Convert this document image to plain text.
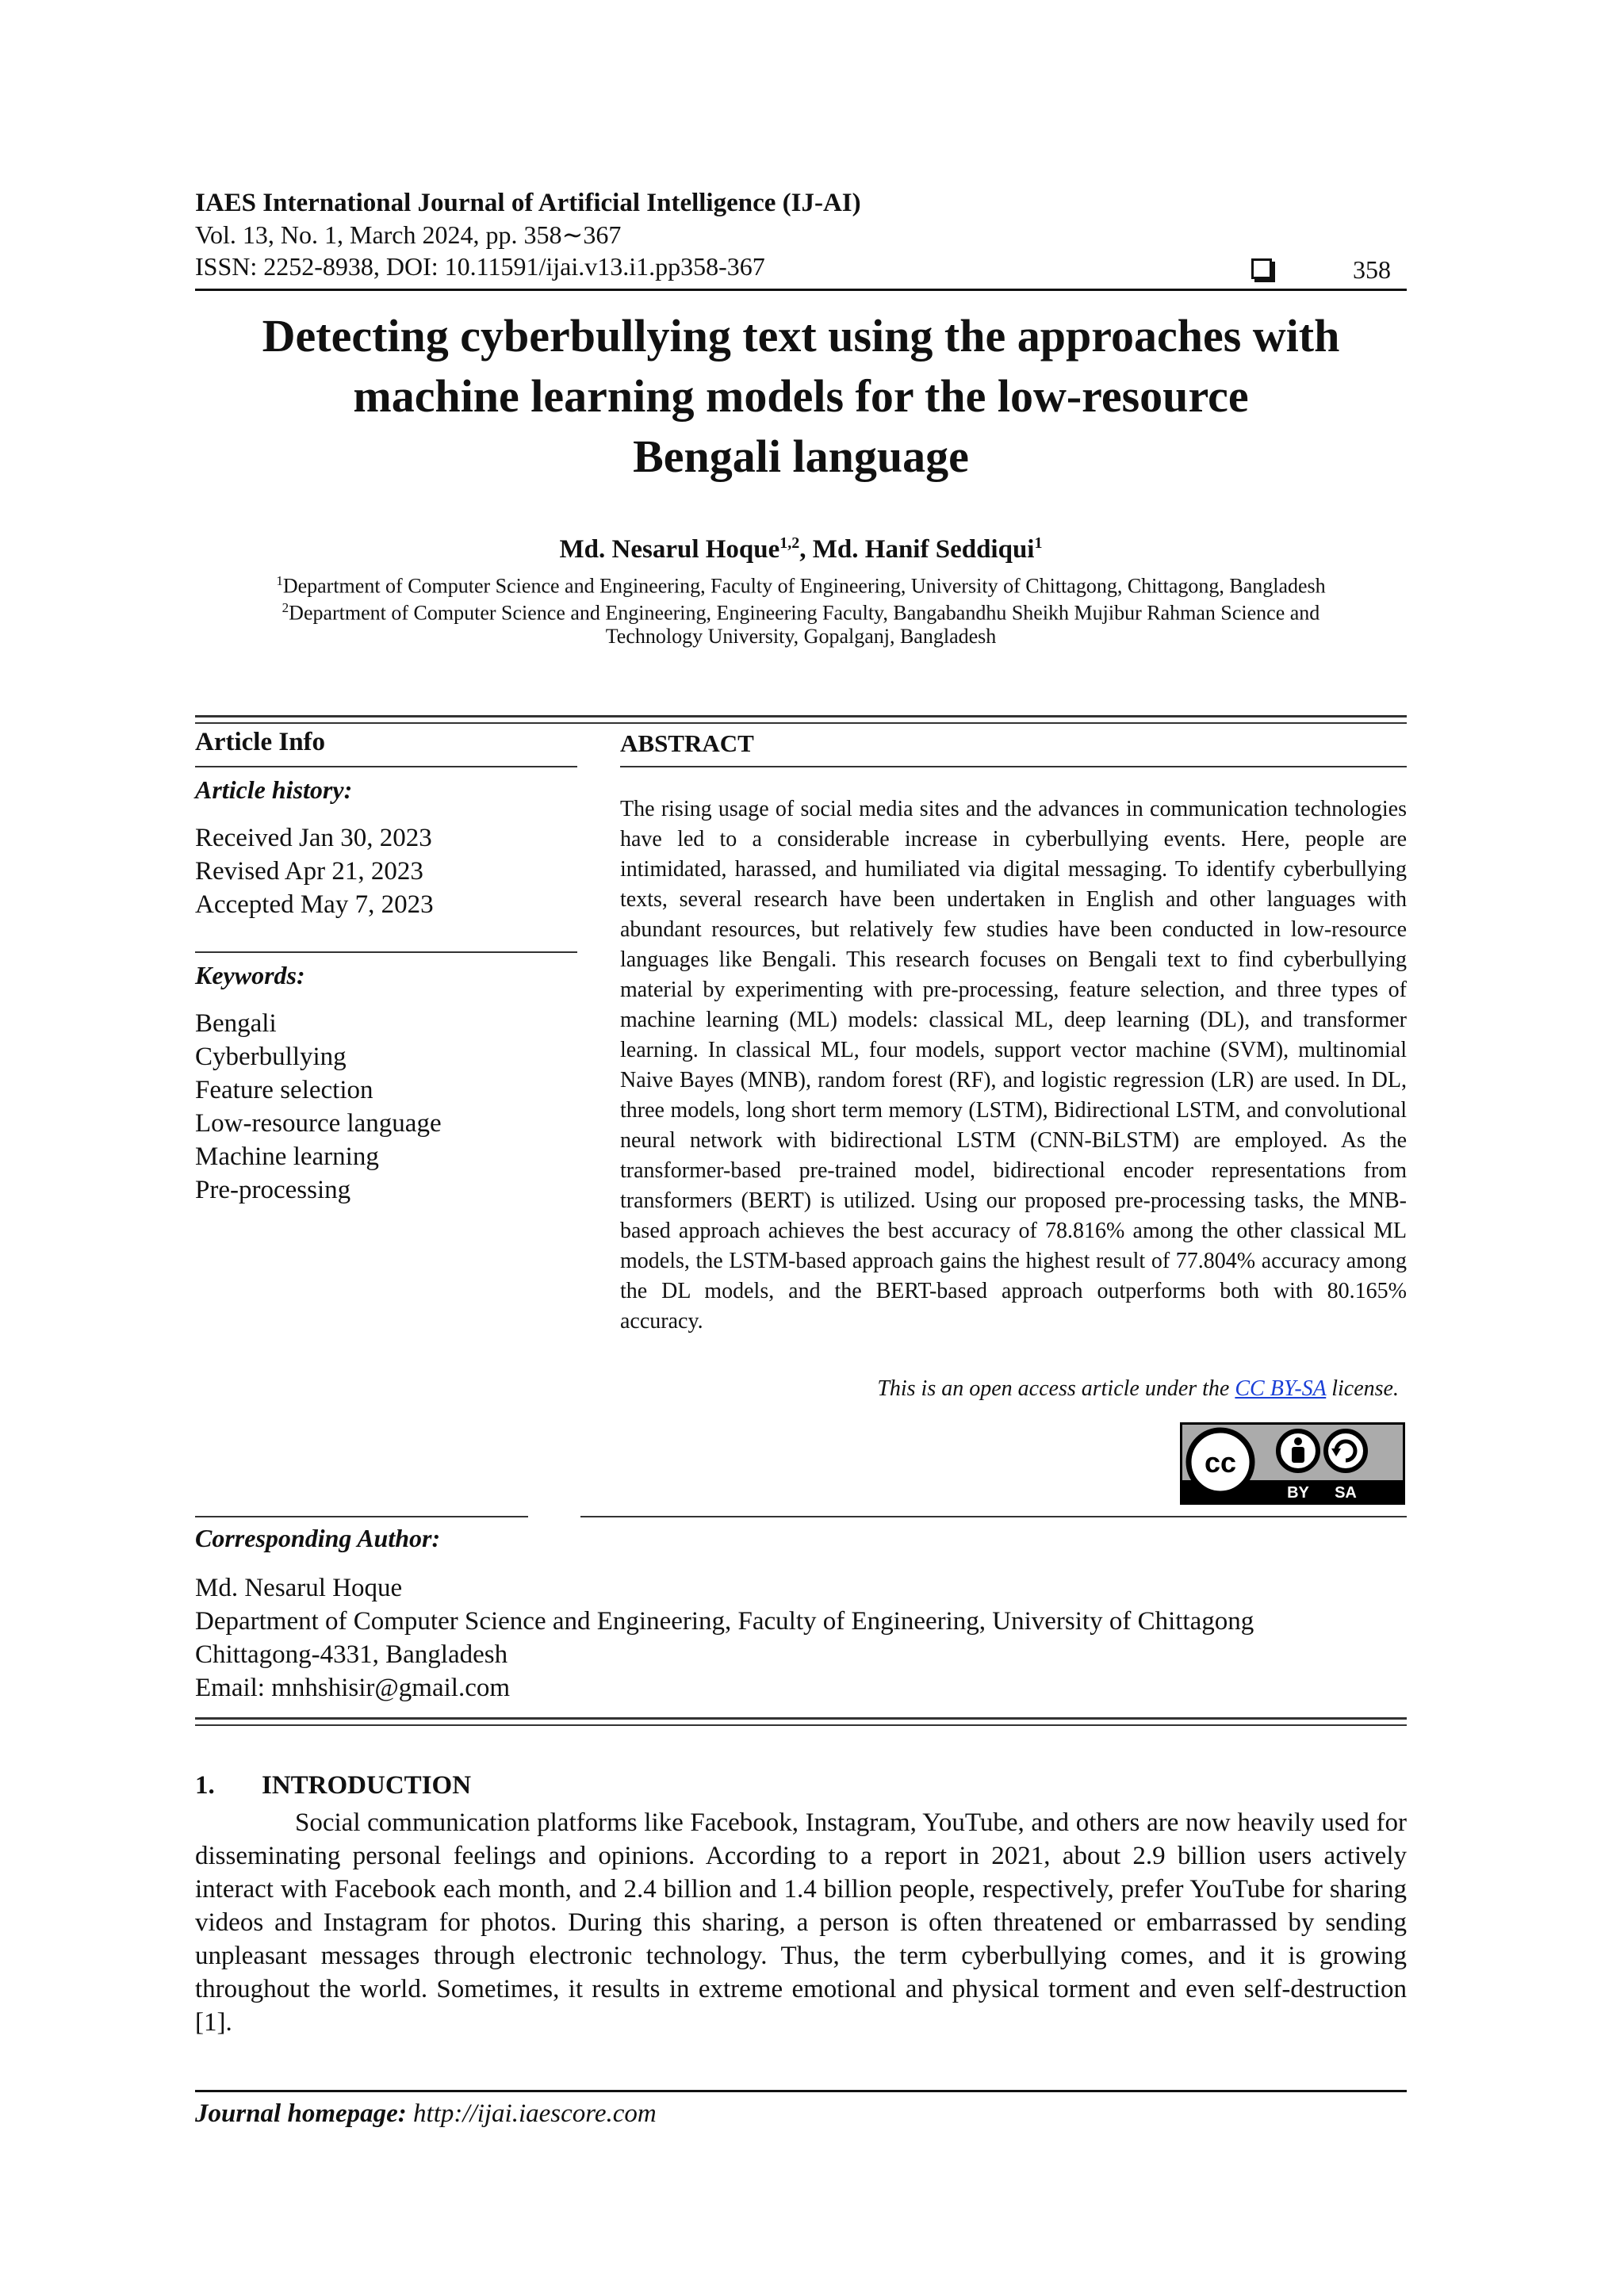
IAES International Journal of Artificial Intelligence (IJ-AI)
Vol. 13, No. 1, March 2024, pp. 358∼367
ISSN: 2252-8938, DOI: 10.11591/ijai.v13.i1.pp358-367	358
Detecting cyberbullying text using the approaches with
machine learning models for the low-resource
Bengali language
Md. Nesarul Hoque$^{1,2}$, Md. Hanif Seddiqui$^1$
$^1$Department of Computer Science and Engineering, Faculty of Engineering, University of Chittagong, Chittagong, Bangladesh
$^2$Department of Computer Science and Engineering, Engineering Faculty, Bangabandhu Sheikh Mujibur Rahman Science and
Technology University, Gopalganj, Bangladesh
Article Info
Article history:
Received Jan 30, 2023
Revised Apr 21, 2023
Accepted May 7, 2023
Keywords:
Bengali
Cyberbullying
Feature selection
Low-resource language
Machine learning
Pre-processing
ABSTRACT
The rising usage of social media sites and the advances in communication technologies have led to a considerable increase in cyberbullying events. Here, people are intimidated, harassed, and humiliated via digital messaging. To identify cyberbullying texts, several research have been undertaken in English and other languages with abundant resources, but relatively few studies have been conducted in low-resource languages like Bengali. This research focuses on Bengali text to find cyberbullying material by experimenting with pre-processing, feature selection, and three types of machine learning (ML) models: classical ML, deep learning (DL), and transformer learning. In classical ML, four models, support vector machine (SVM), multinomial Naive Bayes (MNB), random forest (RF), and logistic regression (LR) are used. In DL, three models, long short term memory (LSTM), Bidirectional LSTM, and convolutional neural network with bidirectional LSTM (CNN-BiLSTM) are employed. As the transformer-based pre-trained model, bidirectional encoder representations from transformers (BERT) is utilized. Using our proposed pre-processing tasks, the MNB-based approach achieves the best accuracy of 78.816% among the other classical ML models, the LSTM-based approach gains the highest result of 77.804% accuracy among the DL models, and the BERT-based approach outperforms both with 80.165% accuracy.
This is an open access article under the CC BY-SA license.
cc
BY SA
Corresponding Author:
Md. Nesarul Hoque
Department of Computer Science and Engineering, Faculty of Engineering, University of Chittagong
Chittagong-4331, Bangladesh
Email: mnhshisir@gmail.com
1. INTRODUCTION
Social communication platforms like Facebook, Instagram, YouTube, and others are now heavily used for disseminating personal feelings and opinions. According to a report in 2021, about 2.9 billion users actively interact with Facebook each month, and 2.4 billion and 1.4 billion people, respectively, prefer YouTube for sharing videos and Instagram for photos. During this sharing, a person is often threatened or embarrassed by sending unpleasant messages through electronic technology. Thus, the term cyberbullying comes, and it is growing throughout the world. Sometimes, it results in extreme emotional and physical torment and even self-destruction [1].
Journal homepage: http://ijai.iaescore.com
